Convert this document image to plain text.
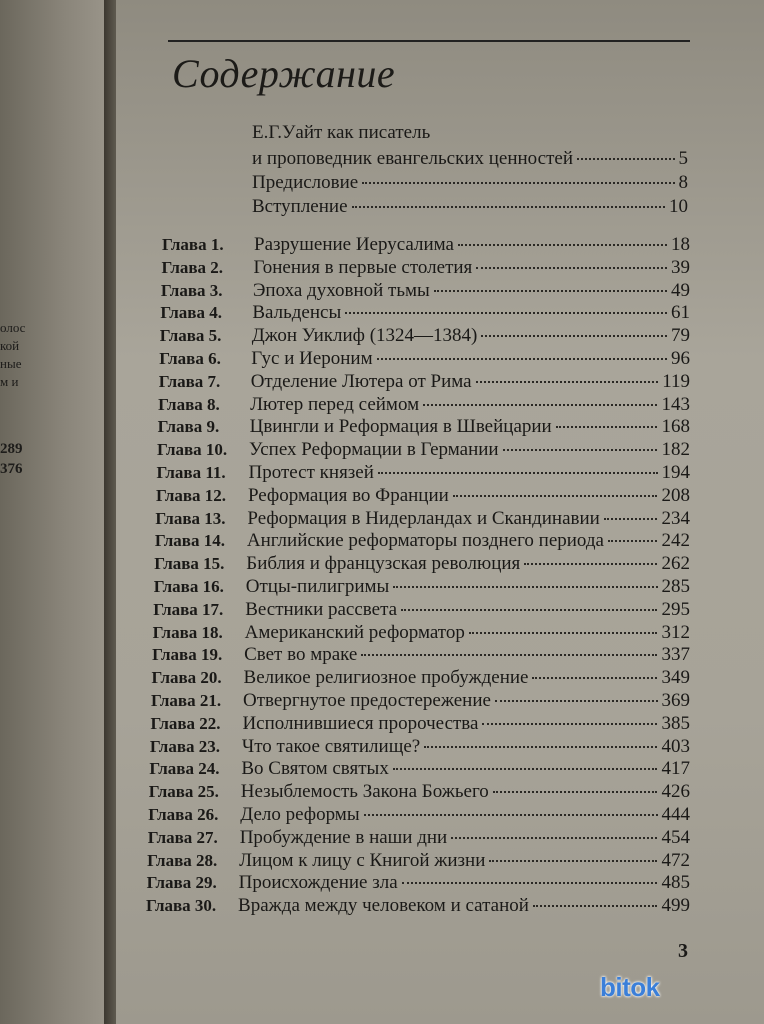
олос
кой
ные
м и
289
376
Содержание
Е.Г.Уайт как писатель
и проповедник евангельских ценностей	5
Предисловие	8
Вступление	10
Глава 1.	Разрушение Иерусалима	18
Глава 2.	Гонения в первые столетия	39
Глава 3.	Эпоха духовной тьмы	49
Глава 4.	Вальденсы	61
Глава 5.	Джон Уиклиф (1324—1384)	79
Глава 6.	Гус и Иероним	96
Глава 7.	Отделение Лютера от Рима	119
Глава 8.	Лютер перед сеймом	143
Глава 9.	Цвингли и Реформация в Швейцарии	168
Глава 10.	Успех Реформации в Германии	182
Глава 11.	Протест князей	194
Глава 12.	Реформация во Франции	208
Глава 13.	Реформация в Нидерландах и Скандинавии	234
Глава 14.	Английские реформаторы позднего периода	242
Глава 15.	Библия и французская революция	262
Глава 16.	Отцы-пилигримы	285
Глава 17.	Вестники рассвета	295
Глава 18.	Американский реформатор	312
Глава 19.	Свет во мраке	337
Глава 20.	Великое религиозное пробуждение	349
Глава 21.	Отвергнутое предостережение	369
Глава 22.	Исполнившиеся пророчества	385
Глава 23.	Что такое святилище?	403
Глава 24.	Во Святом святых	417
Глава 25.	Незыблемость Закона Божьего	426
Глава 26.	Дело реформы	444
Глава 27.	Пробуждение в наши дни	454
Глава 28.	Лицом к лицу с Книгой жизни	472
Глава 29.	Происхождение зла	485
Глава 30.	Вражда между человеком и сатаной	499
3
bitok
